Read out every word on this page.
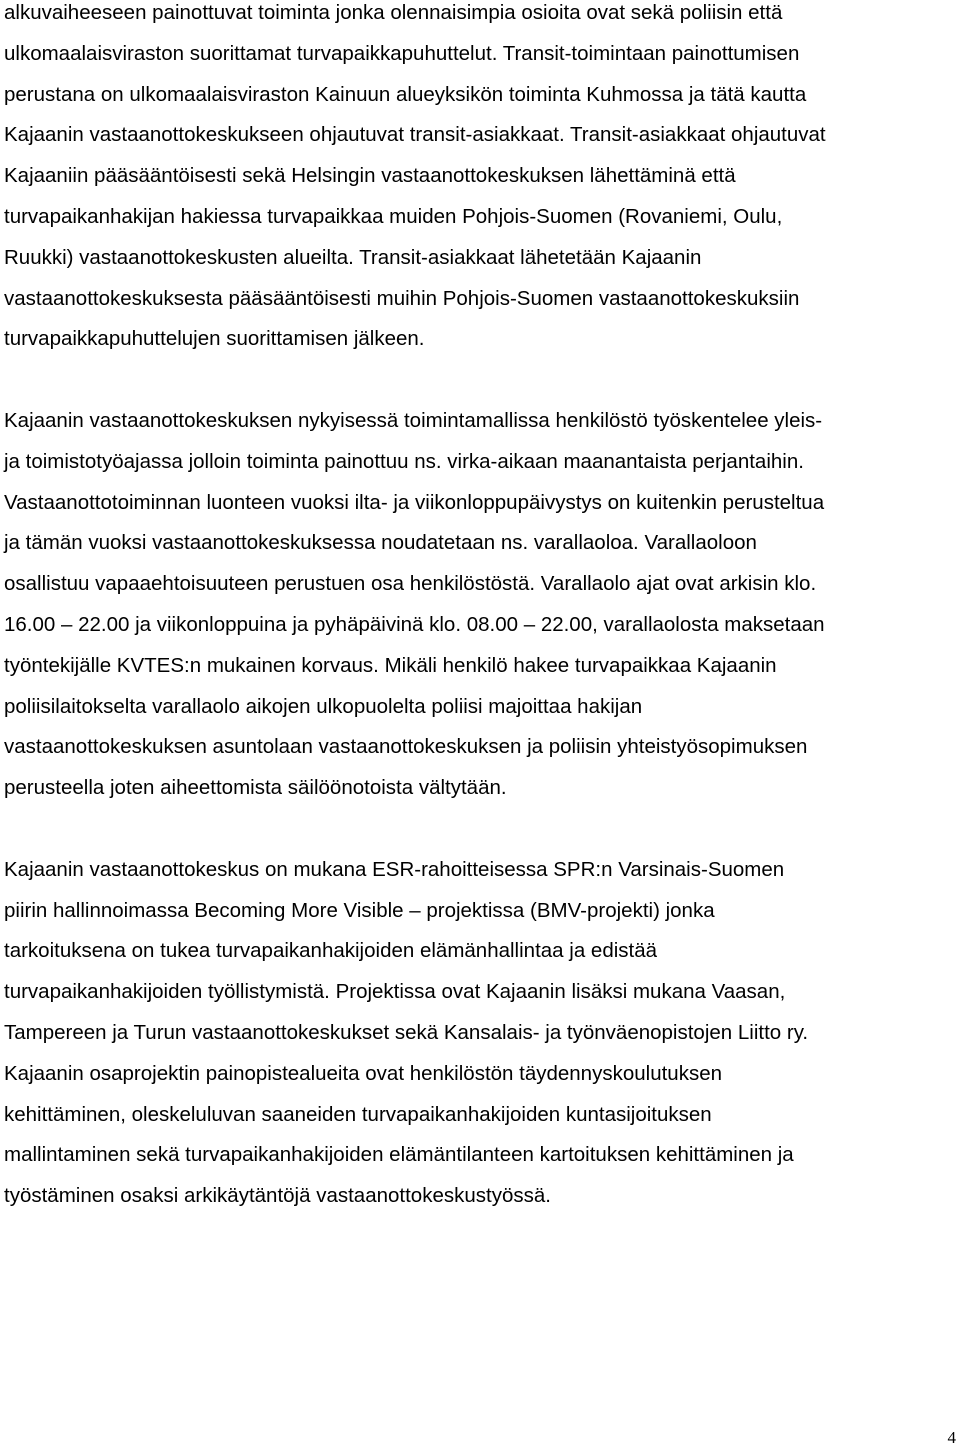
alkuvaiheeseen painottuvat toiminta jonka olennaisimpia osioita ovat sekä poliisin että
ulkomaalaisviraston suorittamat turvapaikkapuhuttelut. Transit-toimintaan painottumisen
perustana on ulkomaalaisviraston Kainuun alueyksikön toiminta Kuhmossa ja tätä kautta
Kajaanin vastaanottokeskukseen ohjautuvat transit-asiakkaat. Transit-asiakkaat ohjautuvat
Kajaaniin pääsääntöisesti sekä Helsingin vastaanottokeskuksen lähettäminä että
turvapaikanhakijan hakiessa turvapaikkaa muiden Pohjois-Suomen (Rovaniemi, Oulu,
Ruukki) vastaanottokeskusten alueilta. Transit-asiakkaat lähetetään Kajaanin
vastaanottokeskuksesta pääsääntöisesti muihin Pohjois-Suomen vastaanottokeskuksiin
turvapaikkapuhuttelujen suorittamisen jälkeen.

Kajaanin vastaanottokeskuksen nykyisessä toimintamallissa henkilöstö työskentelee yleis-
ja toimistotyöajassa jolloin toiminta painottuu ns. virka-aikaan maanantaista perjantaihin.
Vastaanottotoiminnan luonteen vuoksi ilta- ja viikonloppupäivystys on kuitenkin perusteltua
ja tämän vuoksi vastaanottokeskuksessa noudatetaan ns. varallaoloa. Varallaoloon
osallistuu vapaaehtoisuuteen perustuen osa henkilöstöstä. Varallaolo ajat ovat arkisin klo.
16.00 – 22.00 ja viikonloppuina ja pyhäpäivinä klo. 08.00 – 22.00, varallaolosta maksetaan
työntekijälle KVTES:n mukainen korvaus. Mikäli henkilö hakee turvapaikkaa Kajaanin
poliisilaitokselta varallaolo aikojen ulkopuolelta poliisi majoittaa hakijan
vastaanottokeskuksen asuntolaan vastaanottokeskuksen ja poliisin yhteistyösopimuksen
perusteella joten aiheettomista säilöönotoista vältytään.

Kajaanin vastaanottokeskus on mukana ESR-rahoitteisessa SPR:n Varsinais-Suomen
piirin hallinnoimassa Becoming More Visible – projektissa (BMV-projekti) jonka
tarkoituksena on tukea turvapaikanhakijoiden elämänhallintaa ja edistää
turvapaikanhakijoiden työllistymistä. Projektissa ovat Kajaanin lisäksi mukana Vaasan,
Tampereen ja Turun vastaanottokeskukset sekä Kansalais- ja työnväenopistojen Liitto ry.
Kajaanin osaprojektin painopistealueita ovat henkilöstön täydennyskoulutuksen
kehittäminen, oleskeluluvan saaneiden turvapaikanhakijoiden kuntasijoituksen
mallintaminen sekä turvapaikanhakijoiden elämäntilanteen kartoituksen kehittäminen ja
työstäminen osaksi arkikäytäntöjä vastaanottokeskustyössä.

4
